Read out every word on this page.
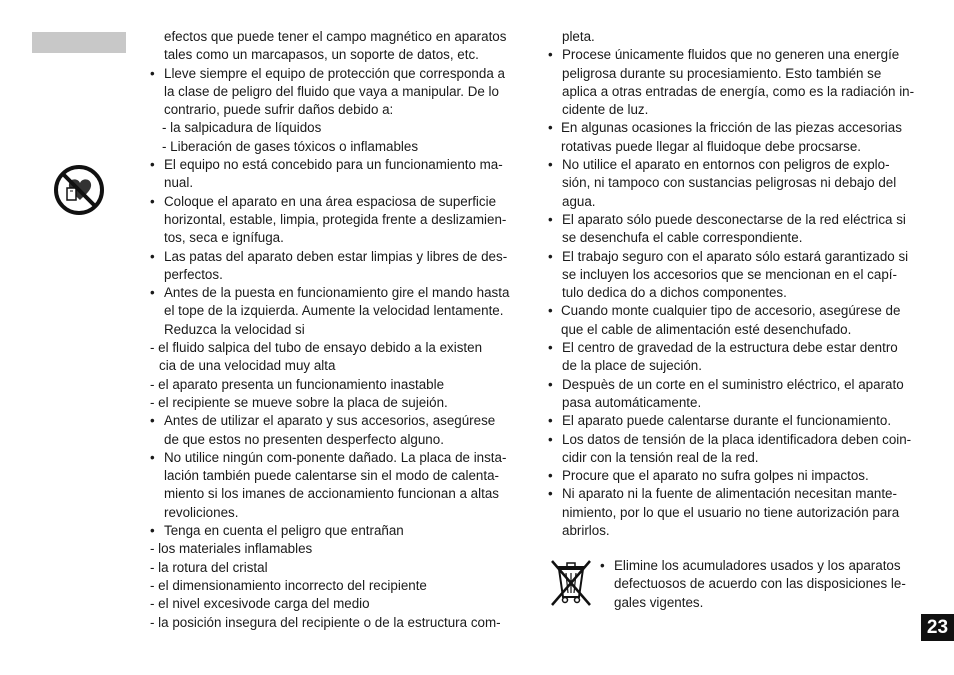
efectos que puede tener el campo magnético en aparatos
tales como un marcapasos, un soporte de datos, etc.
• Lleve siempre el equipo de protección que corresponda a
la clase de peligro del fluido que vaya a manipular. De lo
contrario, puede sufrir daños debido a:
- la salpicadura de líquidos
- Liberación de gases tóxicos o inflamables
• El equipo no está concebido para un funcionamiento ma-
nual.
• Coloque el aparato en una área espaciosa de superficie
horizontal, estable, limpia, protegida frente a deslizamien-
tos, seca e ignífuga.
• Las patas del aparato deben estar limpias y libres de des-
perfectos.
• Antes de la puesta en funcionamiento gire el mando hasta
el tope de la izquierda. Aumente la velocidad lentamente.
Reduzca la velocidad si
- el fluido salpica del tubo de ensayo debido a la existen
cia de una velocidad muy alta
- el aparato presenta un funcionamiento inastable
- el recipiente se mueve sobre la placa de sujeión.
• Antes de utilizar el aparato y sus accesorios, asegúrese
de que estos no presenten desperfecto alguno.
• No utilice ningún com-ponente dañado. La placa de insta-
lación también puede calentarse sin el modo de calenta-
miento si los imanes de accionamiento funcionan a altas
revoliciones.
• Tenga en cuenta el peligro que entrañan
- los materiales inflamables
- la rotura del cristal
- el dimensionamiento incorrecto del recipiente
- el nivel excesivode carga del medio
- la posición insegura del recipiente o de la estructura com-
pleta.
• Procese únicamente fluidos que no generen una energíe
peligrosa durante su procesiamiento. Esto también se
aplica a otras entradas de energía, como es la radiación in-
cidente de luz.
• En algunas ocasiones la fricción de las piezas accesorias
rotativas puede llegar al fluidoque debe procsarse.
• No utilice el aparato en entornos con peligros de explo-
sión, ni tampoco con sustancias peligrosas ni debajo del
agua.
• El aparato sólo puede desconectarse de la red eléctrica si
se desenchufa el cable correspondiente.
• El trabajo seguro con el aparato sólo estará garantizado si
se incluyen los accesorios que se mencionan en el capí-
tulo dedica do a dichos componentes.
• Cuando monte cualquier tipo de accesorio, asegúrese de
que el cable de alimentación esté desenchufado.
• El centro de gravedad de la estructura debe estar dentro
de la place de sujeción.
• Despuès de un corte en el suministro eléctrico, el aparato
pasa automáticamente.
• El aparato puede calentarse durante el funcionamiento.
• Los datos de tensión de la placa identificadora deben coin-
cidir con la tensión real de la red.
• Procure que el aparato no sufra golpes ni impactos.
• Ni aparato ni la fuente de alimentación necesitan mante-
nimiento, por lo que el usuario no tiene autorización para
abrirlos.
• Elimine los acumuladores usados y los aparatos
defectuosos de acuerdo con las disposiciones le-
gales vigentes.
23
